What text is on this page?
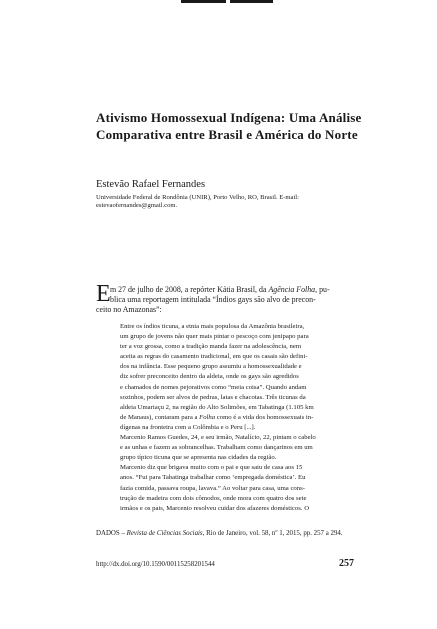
Ativismo Homossexual Indígena: Uma Análise
Comparativa entre Brasil e América do Norte
Estevão Rafael Fernandes
Universidade Federal de Rondônia (UNIR), Porto Velho, RO, Brasil. E-mail:
estevaofernandes@gmail.com.
E m 27 de julho de 2008, a repórter Kátia Brasil, da Agência Folha, pu-
blica uma reportagem intitulada “Índios gays são alvo de precon-
ceito no Amazonas”:
Entre os índios ticuna, a etnia mais populosa da Amazônia brasileira,
um grupo de jovens não quer mais pintar o pescoço com jenipapo para
ter a voz grossa, como a tradição manda fazer na adolescência, nem
aceita as regras do casamento tradicional, em que os casais são defini-
dos na infância. Esse pequeno grupo assumiu a homossexualidade e
diz sofrer preconceito dentro da aldeia, onde os gays são agredidos
e chamados de nomes pejorativos como “meia coisa”. Quando andam
sozinhos, podem ser alvos de pedras, latas e chacotas. Três ticunas da
aldeia Umariaçu 2, na região do Alto Solimões, em Tabatinga (1.105 km
de Manaus), contaram para a Folha como é a vida dos homossexuais in-
dígenas na fronteira com a Colômbia e o Peru [...].
Marcenio Ramos Guedes, 24, e seu irmão, Natalício, 22, pintam o cabelo
e as unhas e fazem as sobrancelhas. Trabalham como dançarinos em um
grupo típico ticuna que se apresenta nas cidades da região.
Marcenio diz que brigava muito com o pai e que saiu de casa aos 15
anos. “Fui para Tabatinga trabalhar como ‘empregada doméstica’. Eu
fazia comida, passava roupa, lavava.” Ao voltar para casa, uma cons-
trução de madeira com dois cômodos, onde mora com quatro dos sete
irmãos e os pais, Marcenio resolveu cuidar dos afazeres domésticos. O
DADOS – Revista de Ciências Sociais, Rio de Janeiro, vol. 58, nº 1, 2015, pp. 257 a 294.
http://dx.doi.org/10.1590/00115258201544	257
